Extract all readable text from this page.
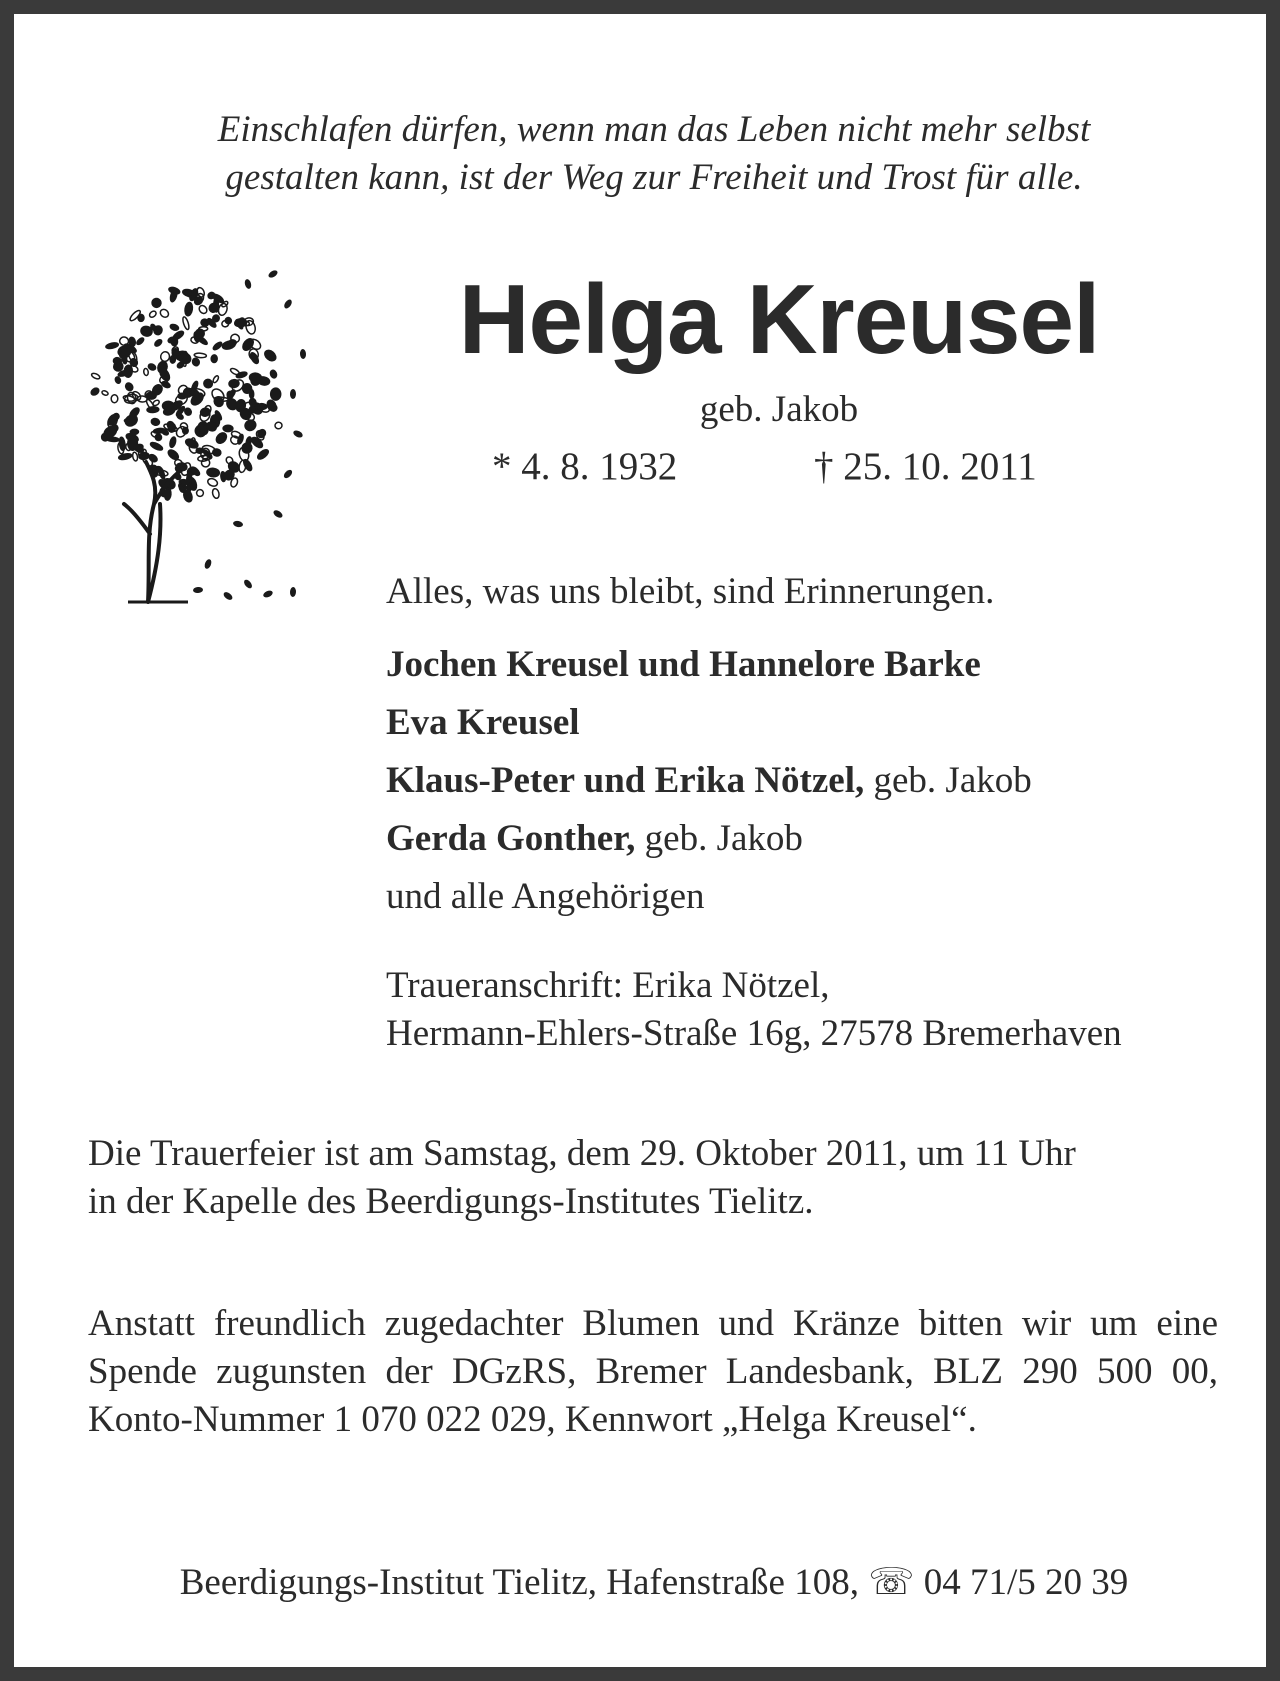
Einschlafen dürfen, wenn man das Leben nicht mehr selbst
gestalten kann, ist der Weg zur Freiheit und Trost für alle.
Helga Kreusel
geb. Jakob
* 4. 8. 1932	† 25. 10. 2011
Alles, was uns bleibt, sind Erinnerungen.
Jochen Kreusel und Hannelore Barke
Eva Kreusel
Klaus-Peter und Erika Nötzel, geb. Jakob
Gerda Gonther, geb. Jakob
und alle Angehörigen
Traueranschrift: Erika Nötzel,
Hermann-Ehlers-Straße 16g, 27578 Bremerhaven
Die Trauerfeier ist am Samstag, dem 29. Oktober 2011, um 11 Uhr
in der Kapelle des Beerdigungs-Institutes Tielitz.
Anstatt freundlich zugedachter Blumen und Kränze bitten wir um eine Spende zugunsten der DGzRS, Bremer Landesbank, BLZ 290 500 00, Konto-Nummer 1 070 022 029, Kennwort „Helga Kreusel“.
Beerdigungs-Institut Tielitz, Hafenstraße 108, ☏ 04 71/5 20 39
